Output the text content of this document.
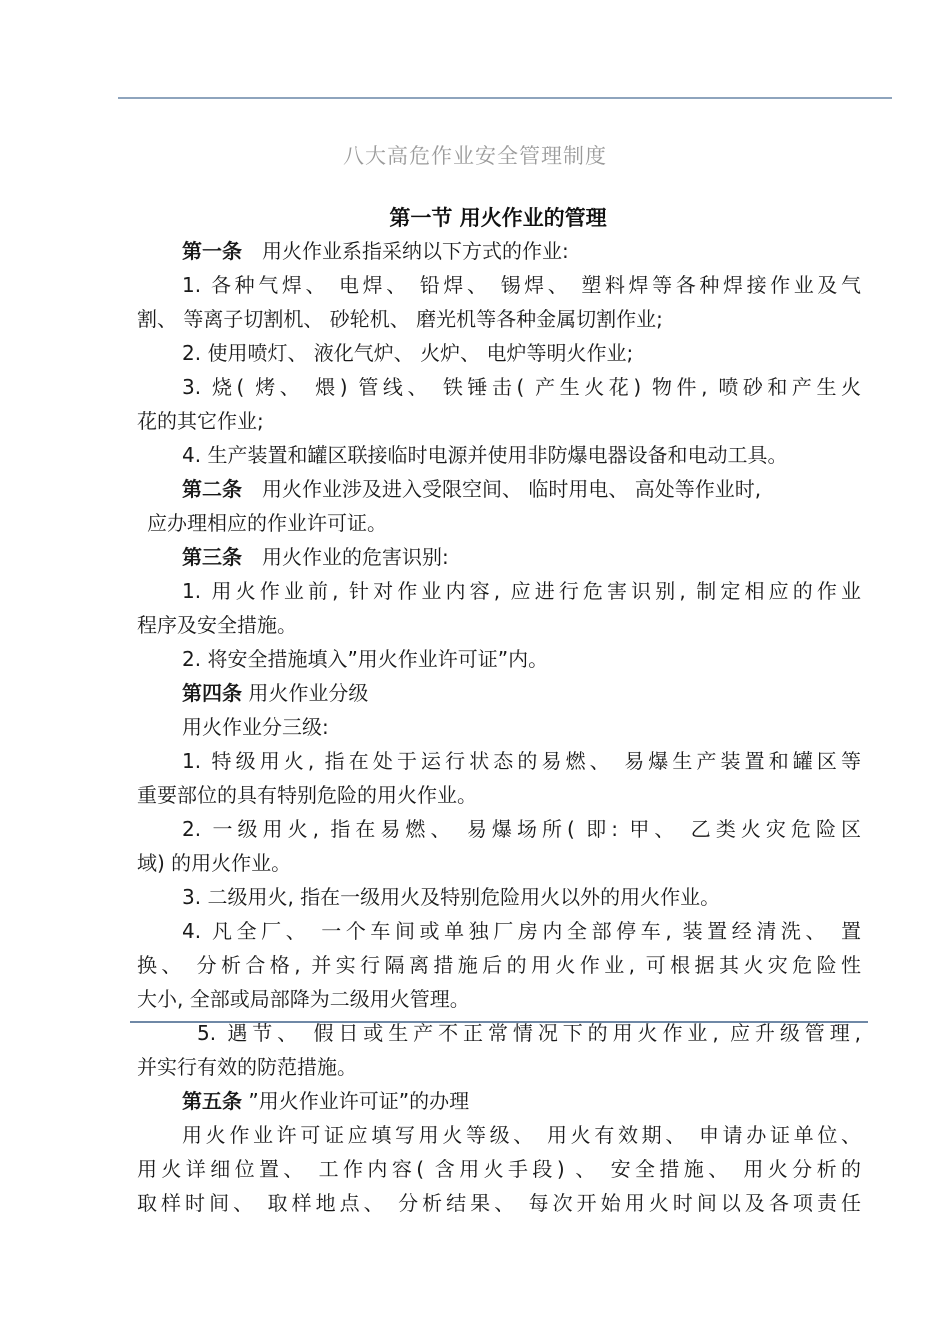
八大高危作业安全管理制度
第一节 用火作业的管理
第一条　用火作业系指采纳以下方式的作业:
1. 各种气焊、 电焊、 铅焊、 锡焊、 塑料焊等各种焊接作业及气
割、 等离子切割机、 砂轮机、 磨光机等各种金属切割作业;
2. 使用喷灯、 液化气炉、 火炉、 电炉等明火作业;
3. 烧( 烤、 煨) 管线、 铁锤击( 产生火花) 物件, 喷砂和产生火
花的其它作业;
4. 生产装置和罐区联接临时电源并使用非防爆电器设备和电动工具。
第二条　用火作业涉及进入受限空间、 临时用电、 高处等作业时,
应办理相应的作业许可证。
第三条　用火作业的危害识别:
1. 用火作业前, 针对作业内容, 应进行危害识别, 制定相应的作业
程序及安全措施。
2. 将安全措施填入”用火作业许可证”内。
第四条 用火作业分级
用火作业分三级:
1. 特级用火, 指在处于运行状态的易燃、 易爆生产装置和罐区等
重要部位的具有特别危险的用火作业。
2. 一级用火, 指在易燃、 易爆场所( 即: 甲、 乙类火灾危险区
域) 的用火作业。
3. 二级用火, 指在一级用火及特别危险用火以外的用火作业。
4. 凡全厂、 一个车间或单独厂房内全部停车, 装置经清洗、 置
换、 分析合格, 并实行隔离措施后的用火作业, 可根据其火灾危险性
大小, 全部或局部降为二级用火管理。
5. 遇节、 假日或生产不正常情况下的用火作业, 应升级管理,
并实行有效的防范措施。
第五条 ”用火作业许可证”的办理
用火作业许可证应填写用火等级、 用火有效期、 申请办证单位、
用火详细位置、 工作内容( 含用火手段) 、 安全措施、 用火分析的
取样时间、 取样地点、 分析结果、 每次开始用火时间以及各项责任
